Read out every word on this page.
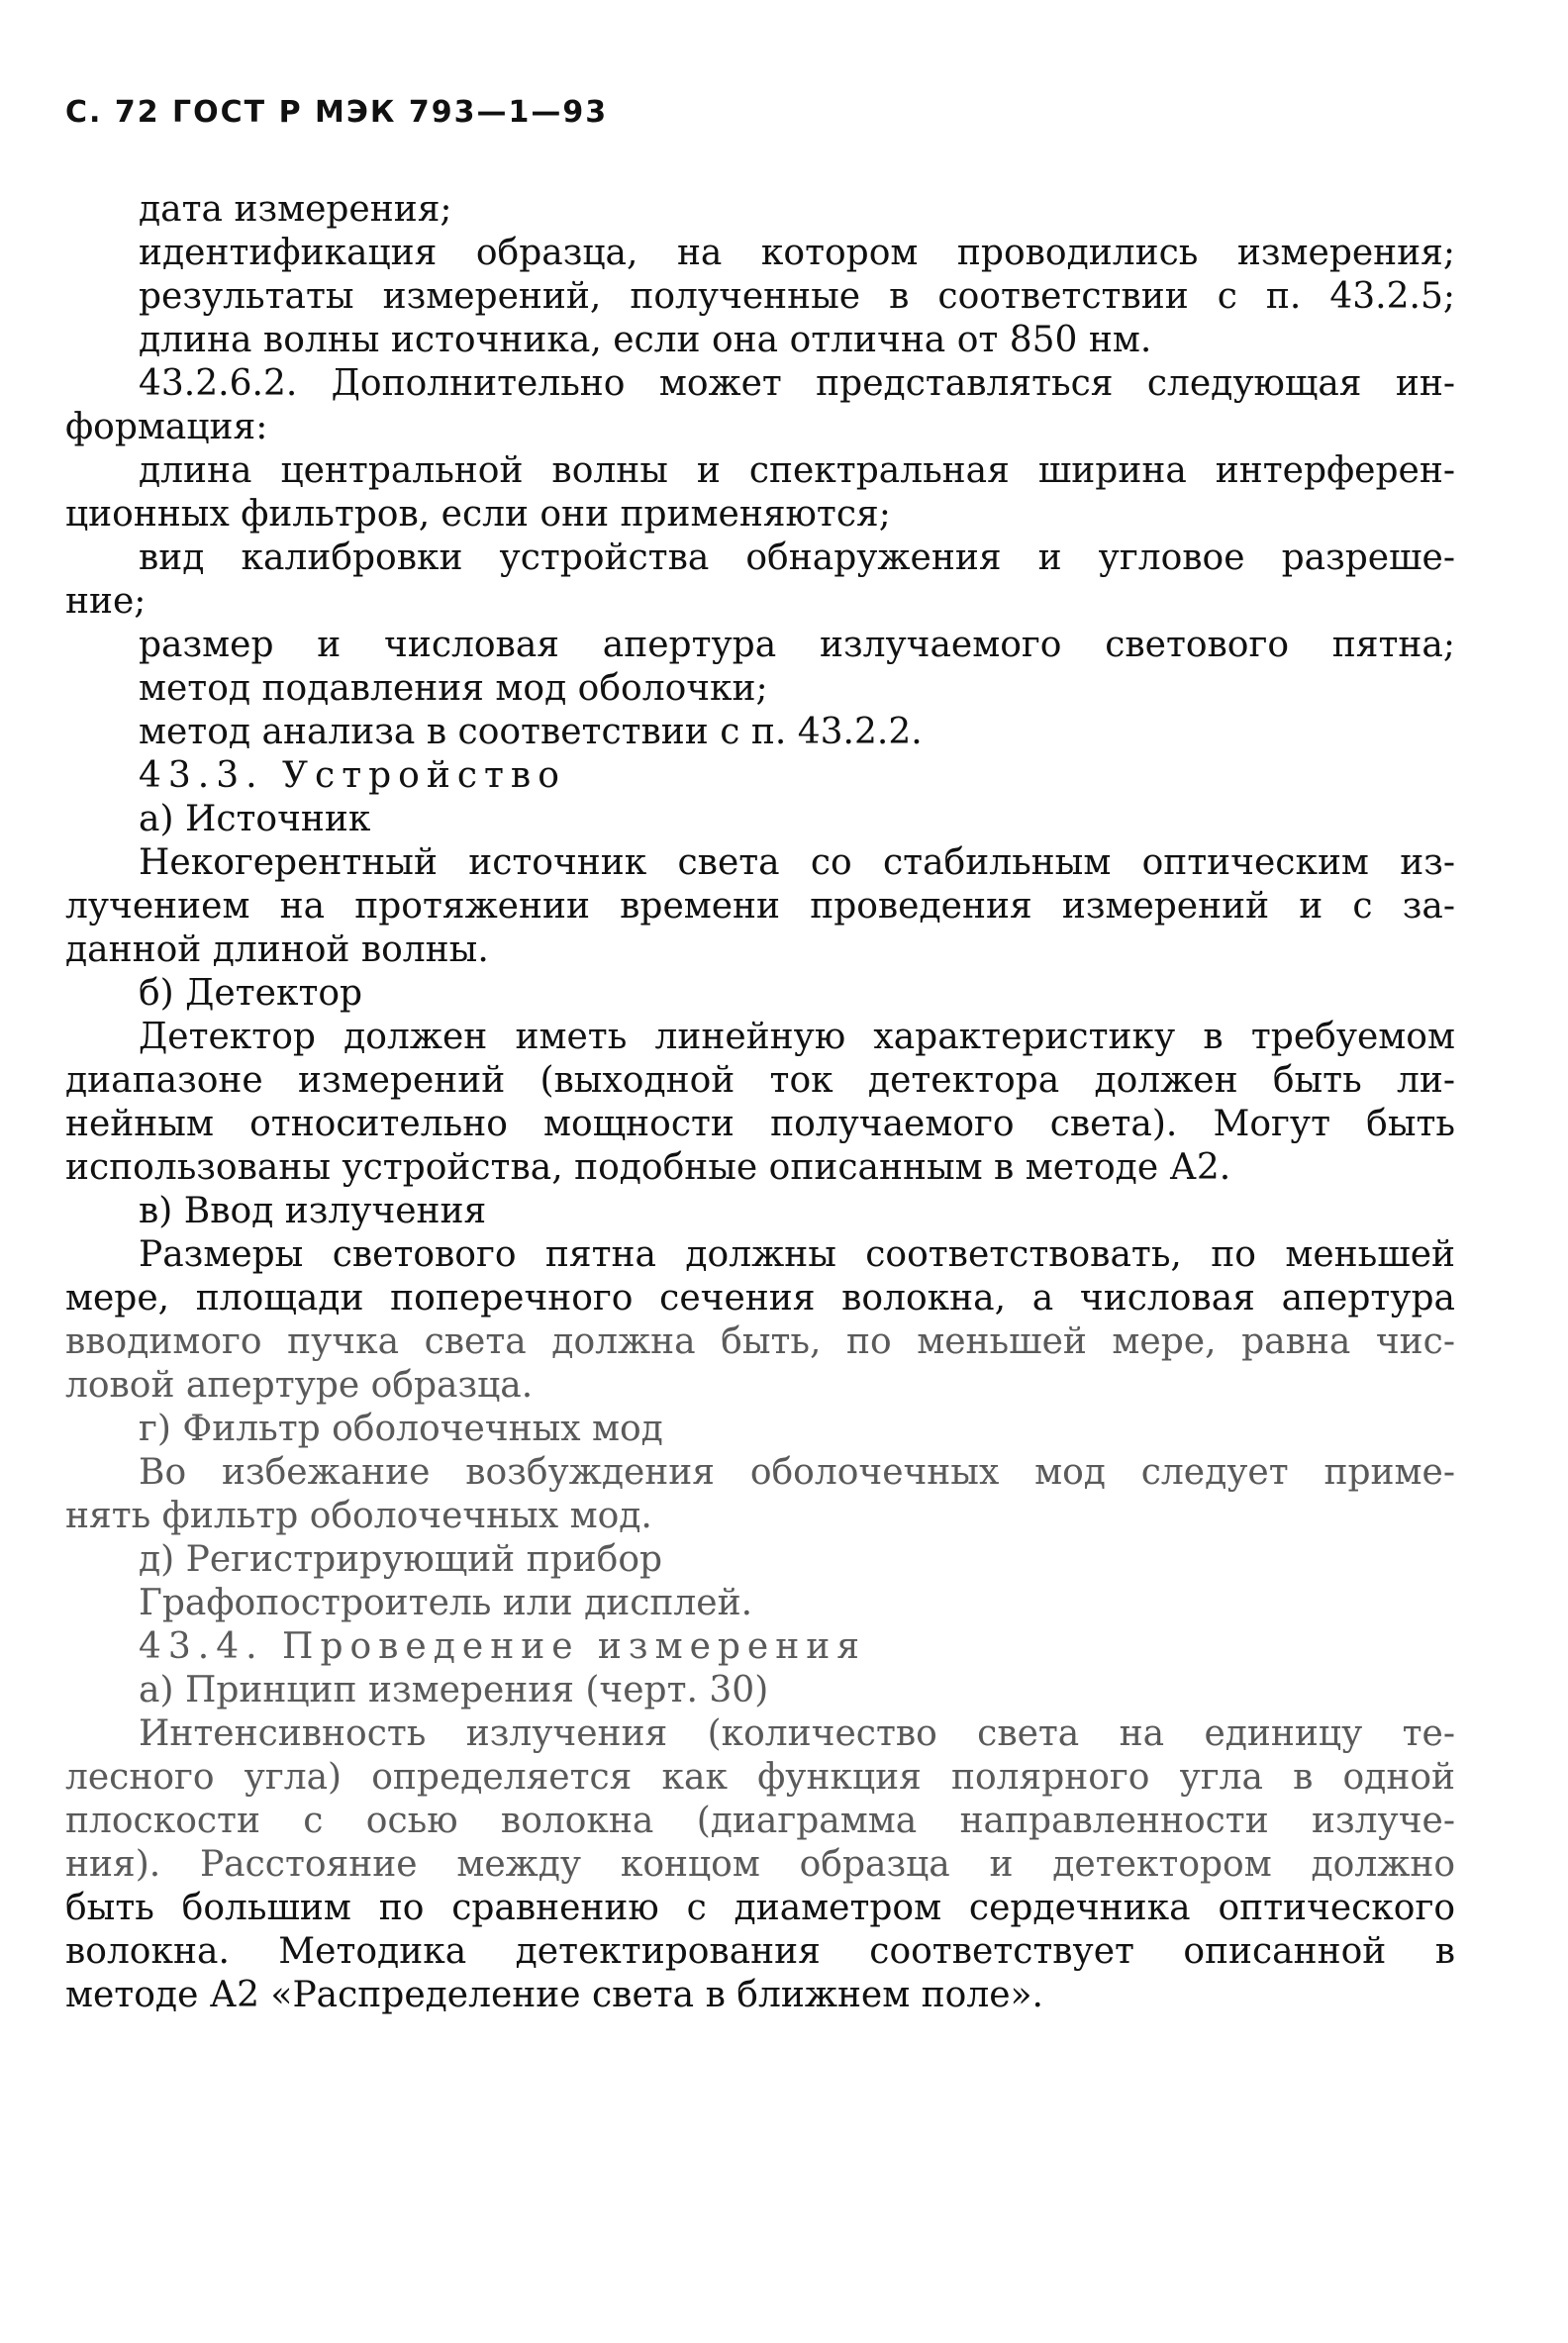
С. 72 ГОСТ Р МЭК 793—1—93
дата измерения;
идентификация образца, на котором проводились измерения;
результаты измерений, полученные в соответствии с п. 43.2.5;
длина волны источника, если она отлична от 850 нм.
43.2.6.2. Дополнительно может представляться следующая ин-
формация:
длина центральной волны и спектральная ширина интерферен-
ционных фильтров, если они применяются;
вид калибровки устройства обнаружения и угловое разреше-
ние;
размер и числовая апертура излучаемого светового пятна;
метод подавления мод оболочки;
метод анализа в соответствии с п. 43.2.2.
43.3. Устройство
а) Источник
Некогерентный источник света со стабильным оптическим из-
лучением на протяжении времени проведения измерений и с за-
данной длиной волны.
б) Детектор
Детектор должен иметь линейную характеристику в требуемом
диапазоне измерений (выходной ток детектора должен быть ли-
нейным относительно мощности получаемого света). Могут быть
использованы устройства, подобные описанным в методе А2.
в) Ввод излучения
Размеры светового пятна должны соответствовать, по меньшей
мере, площади поперечного сечения волокна, а числовая апертура
вводимого пучка света должна быть, по меньшей мере, равна чис-
ловой апертуре образца.
г) Фильтр оболочечных мод
Во избежание возбуждения оболочечных мод следует приме-
нять фильтр оболочечных мод.
д) Регистрирующий прибор
Графопостроитель или дисплей.
43.4. Проведение измерения
а) Принцип измерения (черт. 30)
Интенсивность излучения (количество света на единицу те-
лесного угла) определяется как функция полярного угла в одной
плоскости с осью волокна (диаграмма направленности излуче-
ния). Расстояние между концом образца и детектором должно
быть большим по сравнению с диаметром сердечника оптического
волокна. Методика детектирования соответствует описанной в
методе А2 «Распределение света в ближнем поле».
